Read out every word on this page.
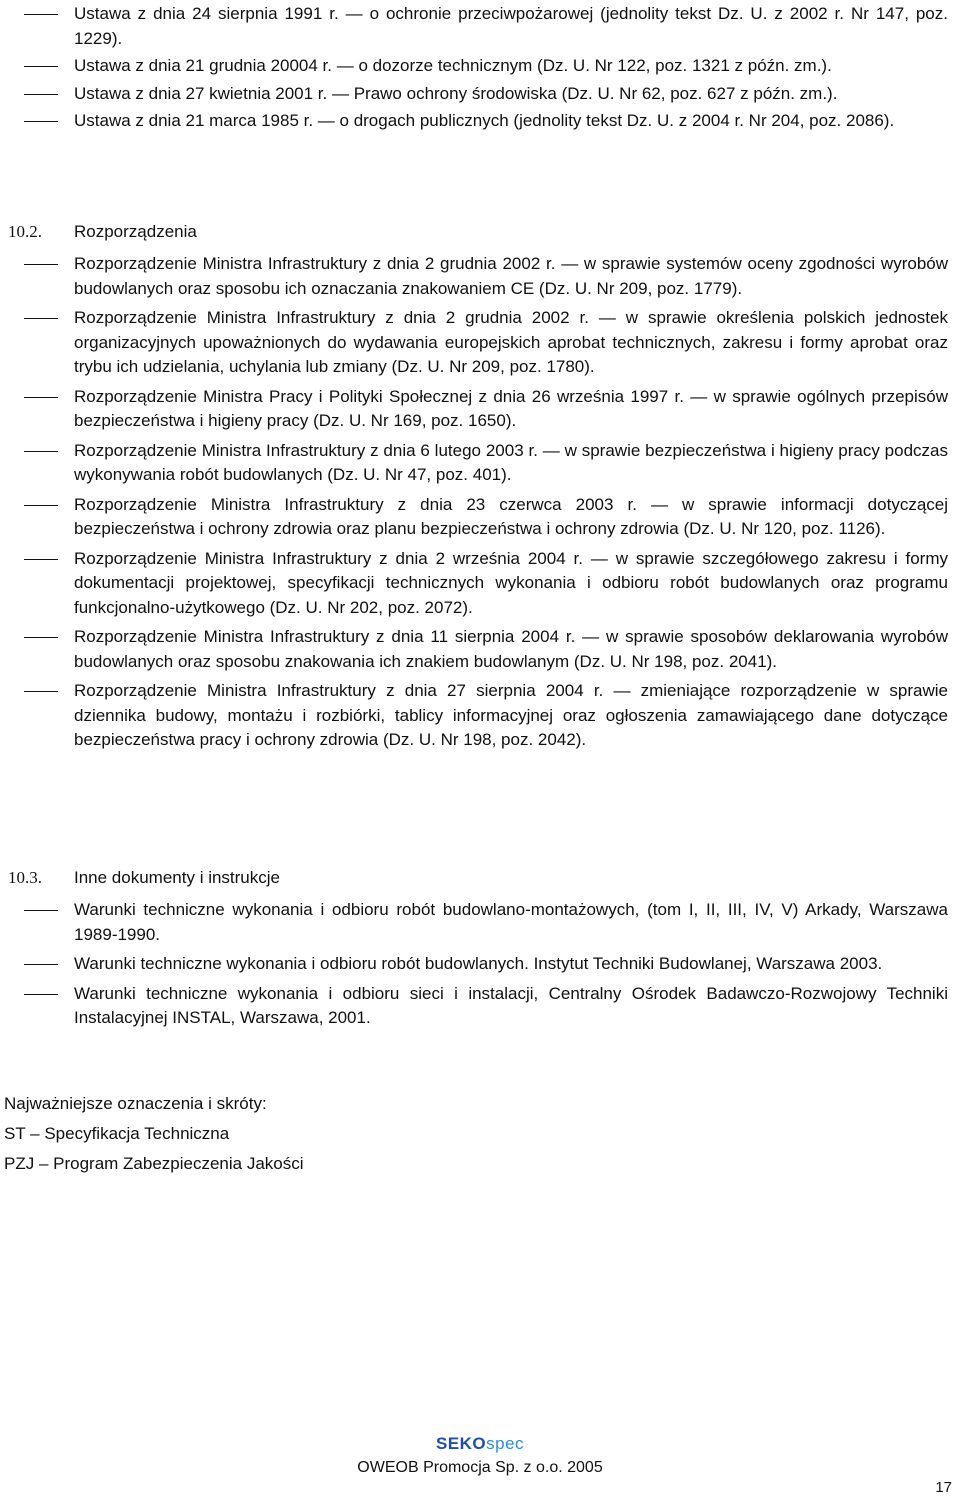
Ustawa z dnia 24 sierpnia 1991 r. — o ochronie przeciwpożarowej (jednolity tekst Dz. U. z 2002 r. Nr 147, poz. 1229).
Ustawa z dnia 21 grudnia 20004 r. — o dozorze technicznym (Dz. U. Nr 122, poz. 1321 z późn. zm.).
Ustawa z dnia 27 kwietnia 2001 r. — Prawo ochrony środowiska (Dz. U. Nr 62, poz. 627 z późn. zm.).
Ustawa z dnia 21 marca 1985 r. — o drogach publicznych (jednolity tekst Dz. U. z 2004 r. Nr 204, poz. 2086).
10.2. Rozporządzenia
Rozporządzenie Ministra Infrastruktury z dnia 2 grudnia 2002 r. — w sprawie systemów oceny zgodności wyrobów budowlanych oraz sposobu ich oznaczania znakowaniem CE (Dz. U. Nr 209, poz. 1779).
Rozporządzenie Ministra Infrastruktury z dnia 2 grudnia 2002 r. — w sprawie określenia polskich jednostek organizacyjnych upoważnionych do wydawania europejskich aprobat technicznych, zakresu i formy aprobat oraz trybu ich udzielania, uchylania lub zmiany (Dz. U. Nr 209, poz. 1780).
Rozporządzenie Ministra Pracy i Polityki Społecznej z dnia 26 września 1997 r. — w sprawie ogólnych przepisów bezpieczeństwa i higieny pracy (Dz. U. Nr 169, poz. 1650).
Rozporządzenie Ministra Infrastruktury z dnia 6 lutego 2003 r. — w sprawie bezpieczeństwa i higieny pracy podczas wykonywania robót budowlanych (Dz. U. Nr 47, poz. 401).
Rozporządzenie Ministra Infrastruktury z dnia 23 czerwca 2003 r. — w sprawie informacji dotyczącej bezpieczeństwa i ochrony zdrowia oraz planu bezpieczeństwa i ochrony zdrowia (Dz. U. Nr 120, poz. 1126).
Rozporządzenie Ministra Infrastruktury z dnia 2 września 2004 r. — w sprawie szczegółowego zakresu i formy dokumentacji projektowej, specyfikacji technicznych wykonania i odbioru robót budowlanych oraz programu funkcjonalno-użytkowego (Dz. U. Nr 202, poz. 2072).
Rozporządzenie Ministra Infrastruktury z dnia 11 sierpnia 2004 r. — w sprawie sposobów deklarowania wyrobów budowlanych oraz sposobu znakowania ich znakiem budowlanym (Dz. U. Nr 198, poz. 2041).
Rozporządzenie Ministra Infrastruktury z dnia 27 sierpnia 2004 r. — zmieniające rozporządzenie w sprawie dziennika budowy, montażu i rozbiórki, tablicy informacyjnej oraz ogłoszenia zamawiającego dane dotyczące bezpieczeństwa pracy i ochrony zdrowia (Dz. U. Nr 198, poz. 2042).
10.3. Inne dokumenty i instrukcje
Warunki techniczne wykonania i odbioru robót budowlano-montażowych, (tom I, II, III, IV, V) Arkady, Warszawa 1989-1990.
Warunki techniczne wykonania i odbioru robót budowlanych. Instytut Techniki Budowlanej, Warszawa 2003.
Warunki techniczne wykonania i odbioru sieci i instalacji, Centralny Ośrodek Badawczo-Rozwojowy Techniki Instalacyjnej INSTAL, Warszawa, 2001.
Najważniejsze oznaczenia i skróty:
ST – Specyfikacja Techniczna
PZJ – Program Zabezpieczenia Jakości
SEKOspec
OWEOB Promocja Sp. z o.o. 2005
17
